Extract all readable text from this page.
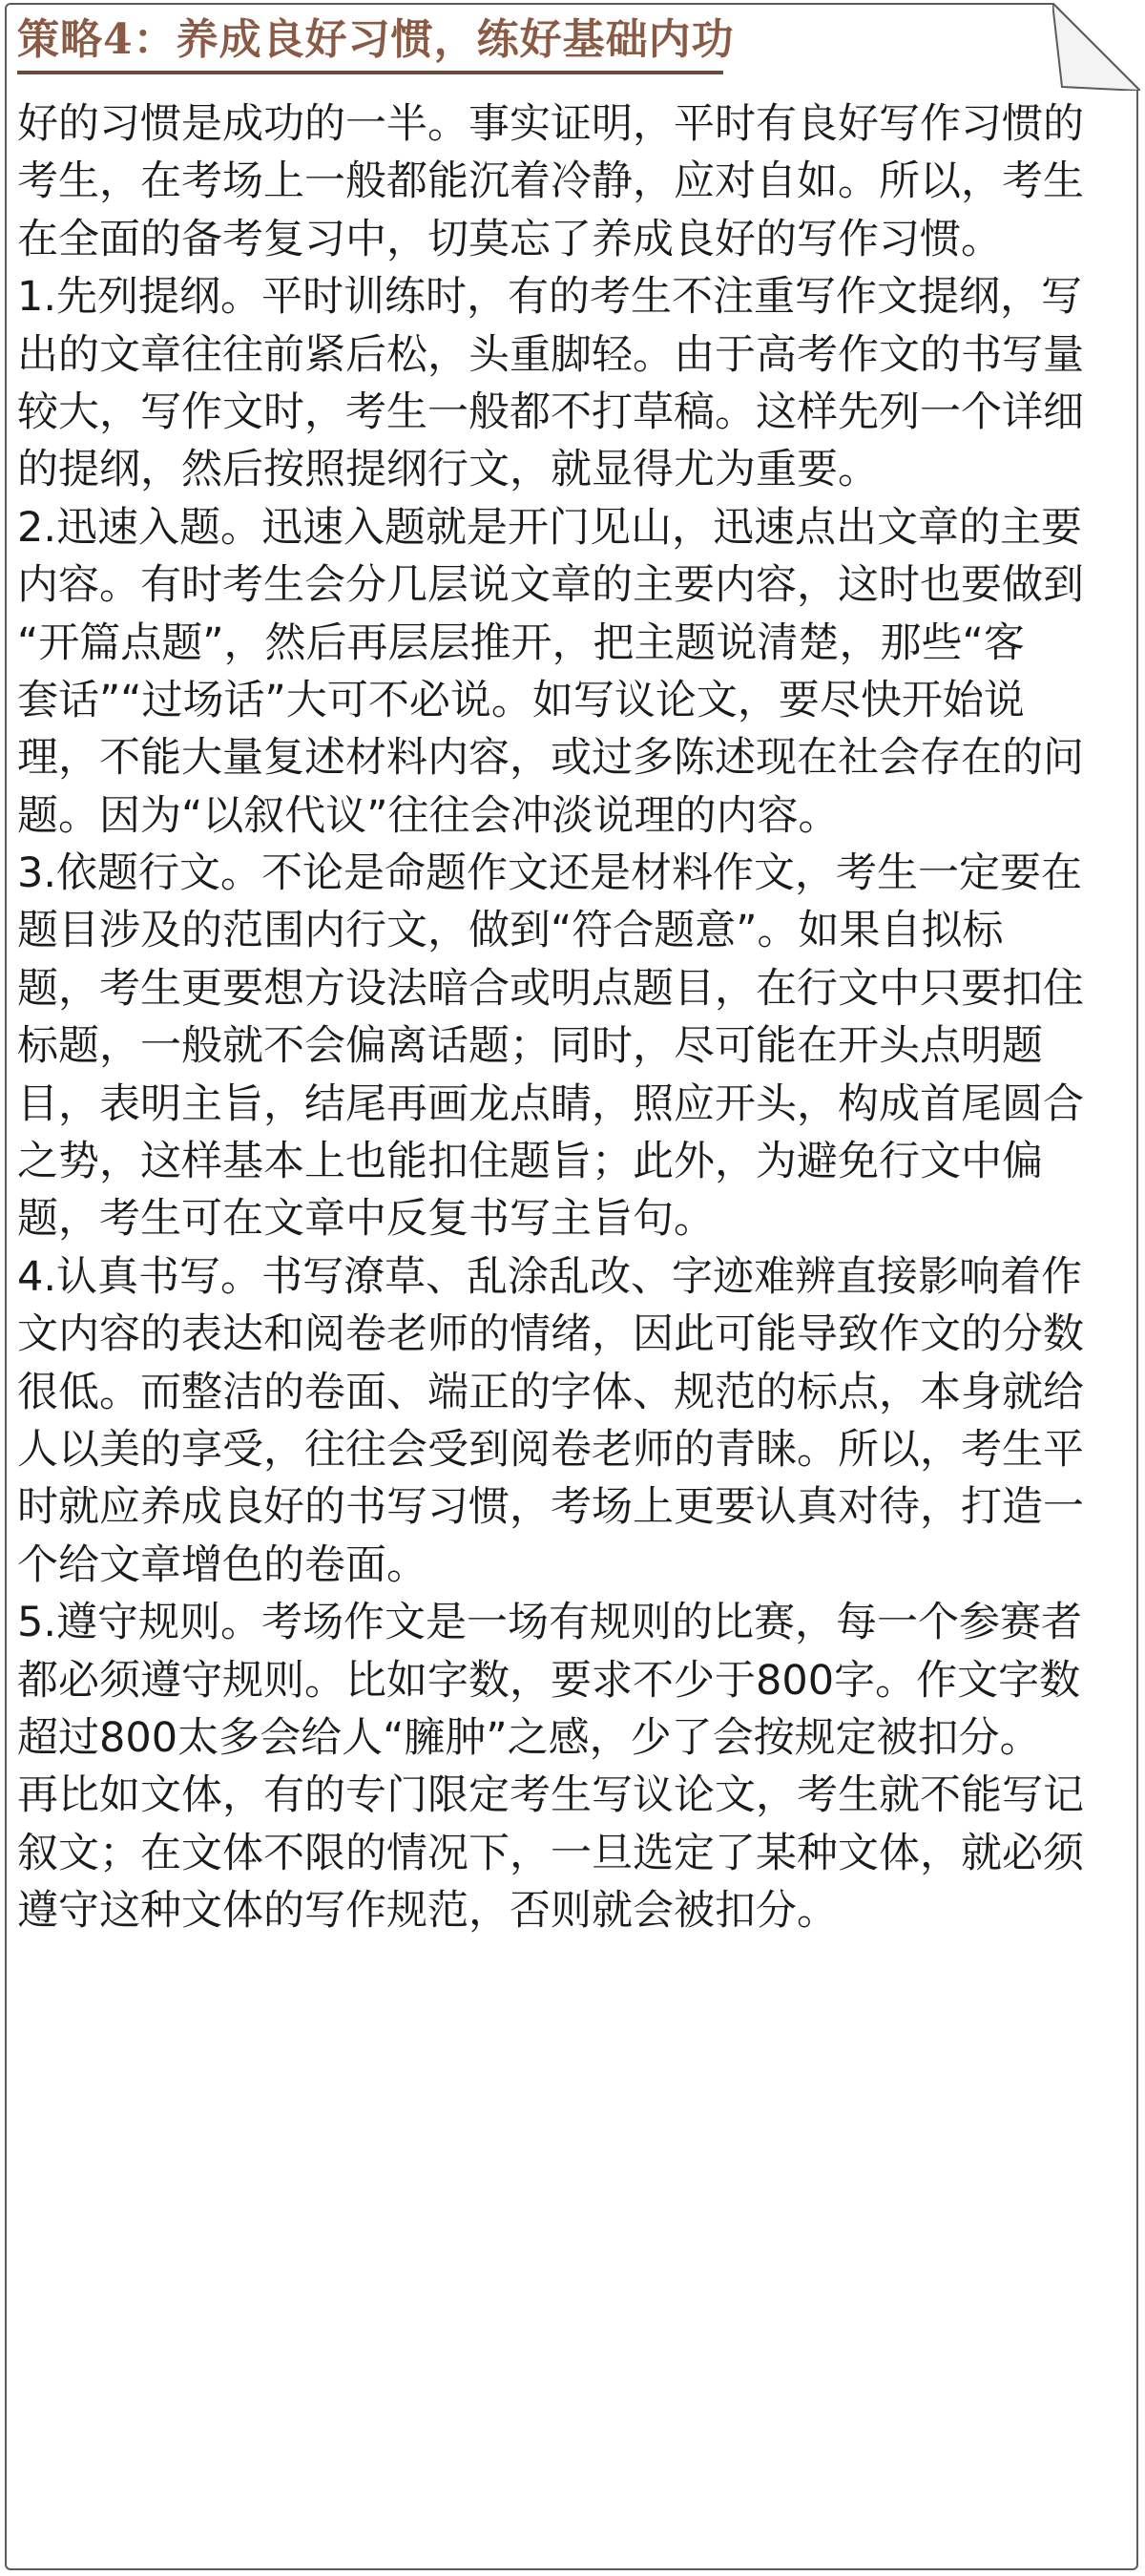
策略4：养成良好习惯，练好基础内功
好的习惯是成功的一半。事实证明，平时有良好写作习惯的
考生，在考场上一般都能沉着冷静，应对自如。所以，考生
在全面的备考复习中，切莫忘了养成良好的写作习惯。
1.先列提纲。平时训练时，有的考生不注重写作文提纲，写
出的文章往往前紧后松，头重脚轻。由于高考作文的书写量
较大，写作文时，考生一般都不打草稿。这样先列一个详细
的提纲，然后按照提纲行文，就显得尤为重要。
2.迅速入题。迅速入题就是开门见山，迅速点出文章的主要
内容。有时考生会分几层说文章的主要内容，这时也要做到
“开篇点题”，然后再层层推开，把主题说清楚，那些“客
套话”“过场话”大可不必说。如写议论文，要尽快开始说
理，不能大量复述材料内容，或过多陈述现在社会存在的问
题。因为“以叙代议”往往会冲淡说理的内容。
3.依题行文。不论是命题作文还是材料作文，考生一定要在
题目涉及的范围内行文，做到“符合题意”。如果自拟标
题，考生更要想方设法暗合或明点题目，在行文中只要扣住
标题，一般就不会偏离话题；同时，尽可能在开头点明题
目，表明主旨，结尾再画龙点睛，照应开头，构成首尾圆合
之势，这样基本上也能扣住题旨；此外，为避免行文中偏
题，考生可在文章中反复书写主旨句。
4.认真书写。书写潦草、乱涂乱改、字迹难辨直接影响着作
文内容的表达和阅卷老师的情绪，因此可能导致作文的分数
很低。而整洁的卷面、端正的字体、规范的标点，本身就给
人以美的享受，往往会受到阅卷老师的青睐。所以，考生平
时就应养成良好的书写习惯，考场上更要认真对待，打造一
个给文章增色的卷面。
5.遵守规则。考场作文是一场有规则的比赛，每一个参赛者
都必须遵守规则。比如字数，要求不少于800字。作文字数
超过800太多会给人“臃肿”之感，少了会按规定被扣分。
再比如文体，有的专门限定考生写议论文，考生就不能写记
叙文；在文体不限的情况下，一旦选定了某种文体，就必须
遵守这种文体的写作规范，否则就会被扣分。
